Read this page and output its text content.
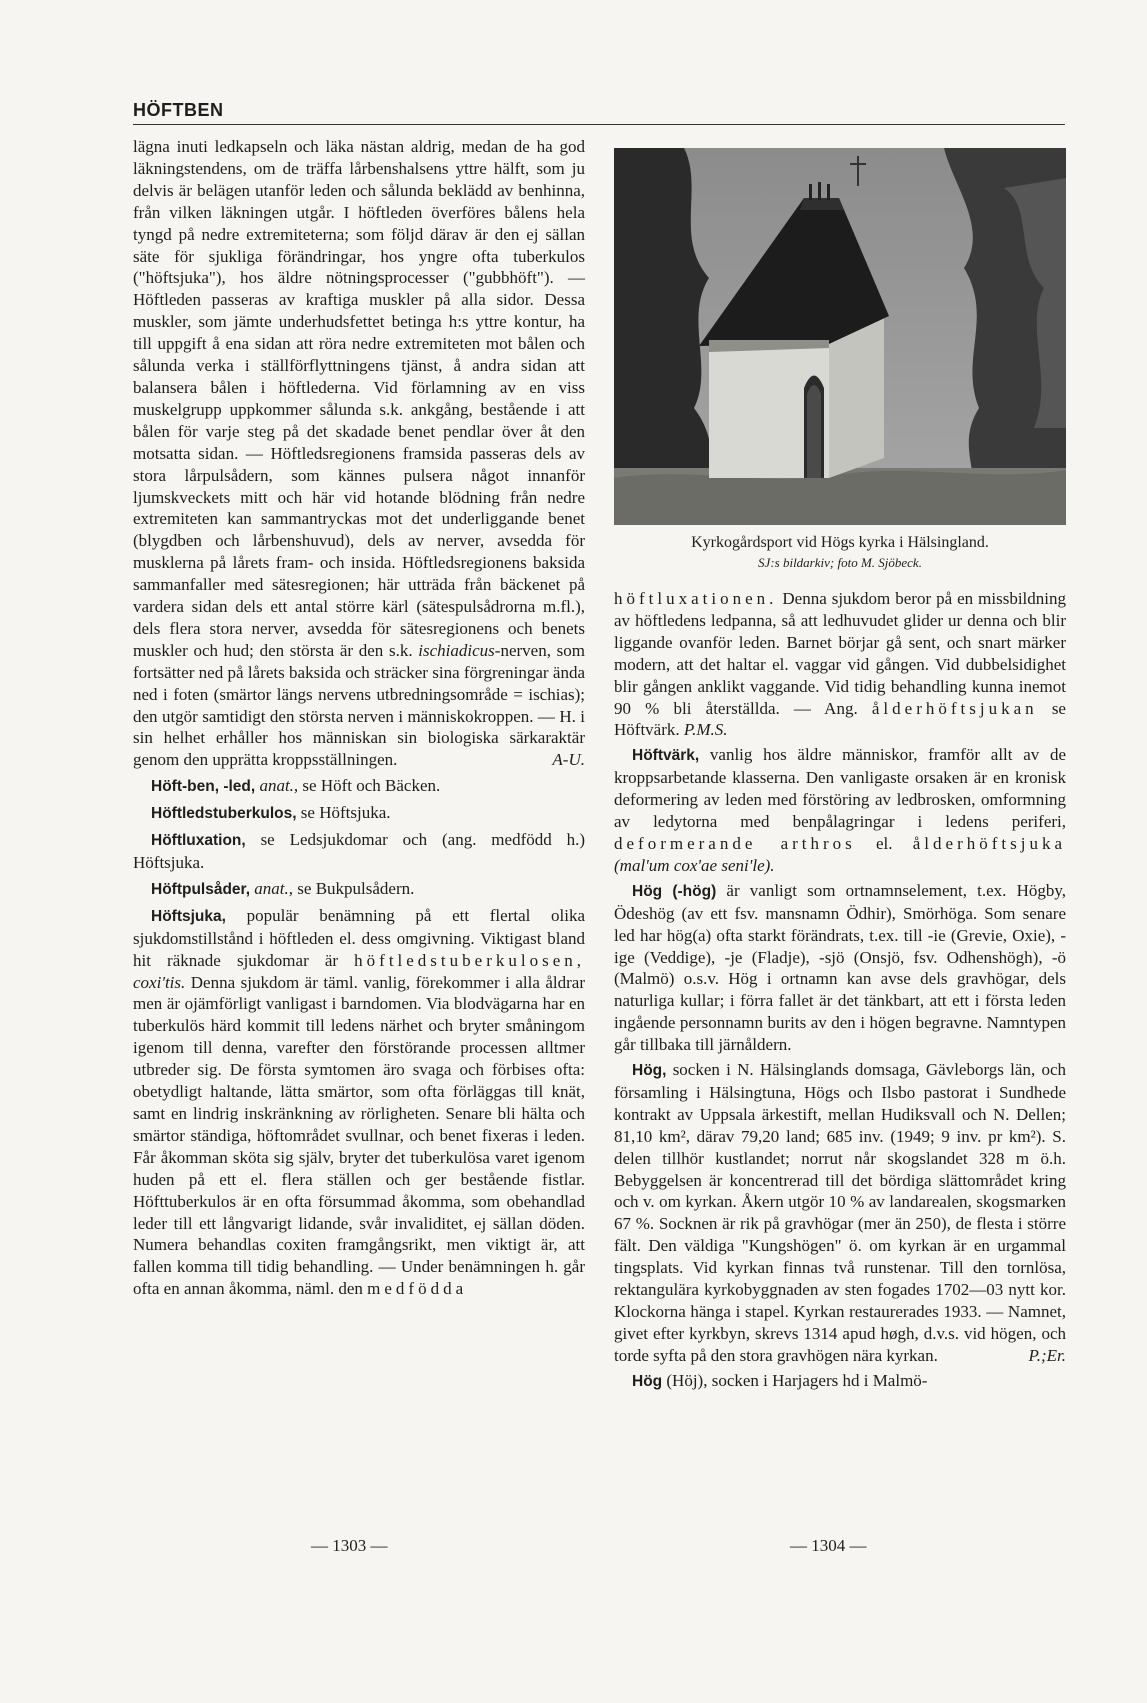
HÖFTBEN

lägna inuti ledkapseln och läka nästan aldrig, medan de ha god läkningstendens, om de träffa lårbenshalsens yttre hälft, som ju delvis är belägen utanför leden och sålunda beklädd av benhinna, från vilken läkningen utgår. I höftleden överföres bålens hela tyngd på nedre extremiteterna; som följd därav är den ej sällan säte för sjukliga förändringar, hos yngre ofta tuberkulos ("höftsjuka"), hos äldre nötningsprocesser ("gubbhöft"). — Höftleden passeras av kraftiga muskler på alla sidor. Dessa muskler, som jämte underhudsfettet betinga h:s yttre kontur, ha till uppgift å ena sidan att röra nedre extremiteten mot bålen och sålunda verka i ställförflyttningens tjänst, å andra sidan att balansera bålen i höftlederna. Vid förlamning av en viss muskelgrupp uppkommer sålunda s.k. ankgång, bestående i att bålen för varje steg på det skadade benet pendlar över åt den motsatta sidan. — Höftledsregionens framsida passeras dels av stora lårpulsådern, som kännes pulsera något innanför ljumskveckets mitt och här vid hotande blödning från nedre extremiteten kan sammantryckas mot det underliggande benet (blygdben och lårbenshuvud), dels av nerver, avsedda för musklerna på lårets fram- och insida. Höftledsregionens baksida sammanfaller med sätesregionen; här utträda från bäckenet på vardera sidan dels ett antal större kärl (sätespulsådrorna m.fl.), dels flera stora nerver, avsedda för sätesregionens och benets muskler och hud; den största är den s.k. ischiadicus-nerven, som fortsätter ned på lårets baksida och sträcker sina förgreningar ända ned i foten (smärtor längs nervens utbredningsområde = ischias); den utgör samtidigt den största nerven i människokroppen. — H. i sin helhet erhåller hos människan sin biologiska särkaraktär genom den upprätta kroppsställningen.	A-U.

Höft-ben, -led, anat., se Höft och Bäcken.

Höftledstuberkulos, se Höftsjuka.

Höftluxation, se Ledsjukdomar och (ang. medfödd h.) Höftsjuka.

Höftpulsåder, anat., se Bukpulsådern.

Höftsjuka, populär benämning på ett flertal olika sjukdomstillstånd i höftleden el. dess omgivning. Viktigast bland hit räknade sjukdomar är höftledstuberkulosen, coxi'tis. Denna sjukdom är täml. vanlig, förekommer i alla åldrar men är ojämförligt vanligast i barndomen. Via blodvägarna har en tuberkulös härd kommit till ledens närhet och bryter småningom igenom till denna, varefter den förstörande processen alltmer utbreder sig. De första symtomen äro svaga och förbises ofta: obetydligt haltande, lätta smärtor, som ofta förläggas till knät, samt en lindrig inskränkning av rörligheten. Senare bli hälta och smärtor ständiga, höftområdet svullnar, och benet fixeras i leden. Får åkomman sköta sig själv, bryter det tuberkulösa varet igenom huden på ett el. flera ställen och ger bestående fistlar. Höfttuberkulos är en ofta försummad åkomma, som obehandlad leder till ett långvarigt lidande, svår invaliditet, ej sällan döden. Numera behandlas coxiten framgångsrikt, men viktigt är, att fallen komma till tidig behandling. — Under benämningen h. går ofta en annan åkomma, näml. den medfödda

Kyrkogårdsport vid Högs kyrka i Hälsingland.
SJ:s bildarkiv; foto M. Sjöbeck.

höftluxationen. Denna sjukdom beror på en missbildning av höftledens ledpanna, så att ledhuvudet glider ur denna och blir liggande ovanför leden. Barnet börjar gå sent, och snart märker modern, att det haltar el. vaggar vid gången. Vid dubbelsidighet blir gången anklikt vaggande. Vid tidig behandling kunna inemot 90 % bli återställda. — Ang. ålderhöftsjukan se Höftvärk. P.M.S.

Höftvärk, vanlig hos äldre människor, framför allt av de kroppsarbetande klasserna. Den vanligaste orsaken är en kronisk deformering av leden med förstöring av ledbrosken, omformning av ledytorna med benpålagringar i ledens periferi, deformerande arthros el. ålderhöftsjuka (mal'um cox'ae seni'le).

Hög (-hög) är vanligt som ortnamnselement, t.ex. Högby, Ödeshög (av ett fsv. mansnamn Ödhir), Smörhöga. Som senare led har hög(a) ofta starkt förändrats, t.ex. till -ie (Grevie, Oxie), -ige (Veddige), -je (Fladje), -sjö (Onsjö, fsv. Odhenshögh), -ö (Malmö) o.s.v. Hög i ortnamn kan avse dels gravhögar, dels naturliga kullar; i förra fallet är det tänkbart, att ett i första leden ingående personnamn burits av den i högen begravne. Namntypen går tillbaka till järnåldern.

Hög, socken i N. Hälsinglands domsaga, Gävleborgs län, och församling i Hälsingtuna, Högs och Ilsbo pastorat i Sundhede kontrakt av Uppsala ärkestift, mellan Hudiksvall och N. Dellen; 81,10 km², därav 79,20 land; 685 inv. (1949; 9 inv. pr km²). S. delen tillhör kustlandet; norrut når skogslandet 328 m ö.h. Bebyggelsen är koncentrerad till det bördiga slättområdet kring och v. om kyrkan. Åkern utgör 10 % av landarealen, skogsmarken 67 %. Socknen är rik på gravhögar (mer än 250), de flesta i större fält. Den väldiga "Kungshögen" ö. om kyrkan är en urgammal tingsplats. Vid kyrkan finnas två runstenar. Till den tornlösa, rektangulära kyrkobyggnaden av sten fogades 1702—03 nytt kor. Klockorna hänga i stapel. Kyrkan restaurerades 1933. — Namnet, givet efter kyrkbyn, skrevs 1314 apud høgh, d.v.s. vid högen, och torde syfta på den stora gravhögen nära kyrkan.	P.;Er.

Hög (Höj), socken i Harjagers hd i Malmö-

— 1303 —	— 1304 —
